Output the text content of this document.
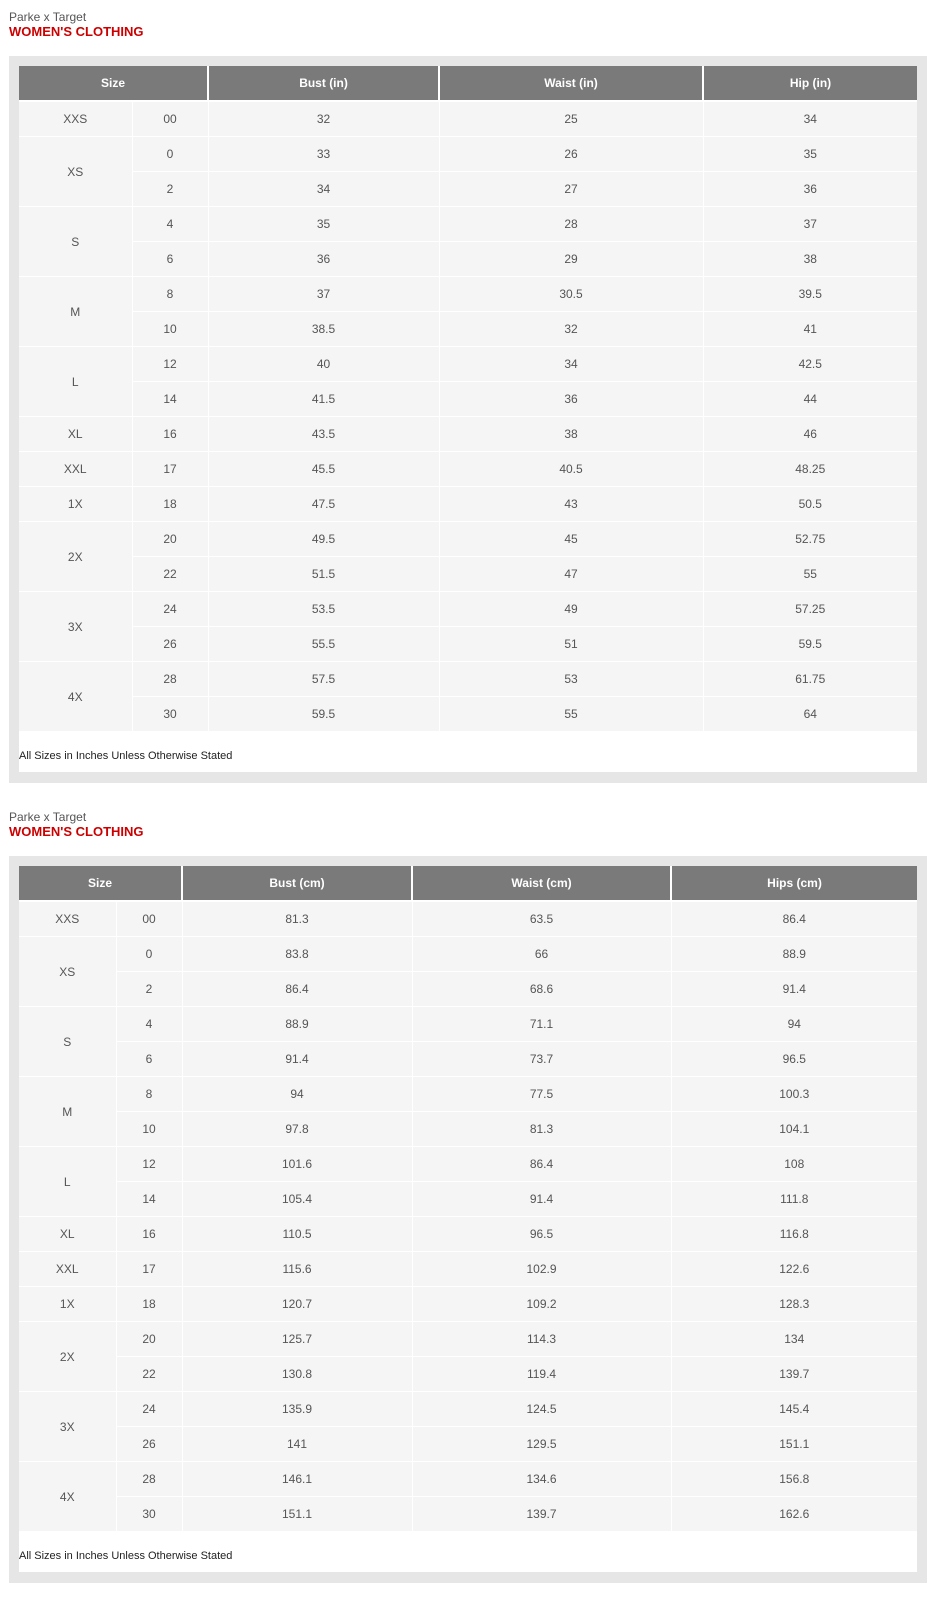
Parke x Target
WOMEN'S CLOTHING
Size		Bust (in)	Waist (in)	Hip (in)
XXS	00	32	25	34
XS	0	33	26	35
	2	34	27	36
S	4	35	28	37
	6	36	29	38
M	8	37	30.5	39.5
	10	38.5	32	41
L	12	40	34	42.5
	14	41.5	36	44
XL	16	43.5	38	46
XXL	17	45.5	40.5	48.25
1X	18	47.5	43	50.5
2X	20	49.5	45	52.75
	22	51.5	47	55
3X	24	53.5	49	57.25
	26	55.5	51	59.5
4X	28	57.5	53	61.75
	30	59.5	55	64
All Sizes in Inches Unless Otherwise Stated
Parke x Target
WOMEN'S CLOTHING
Size		Bust (cm)	Waist (cm)	Hips (cm)
XXS	00	81.3	63.5	86.4
XS	0	83.8	66	88.9
	2	86.4	68.6	91.4
S	4	88.9	71.1	94
	6	91.4	73.7	96.5
M	8	94	77.5	100.3
	10	97.8	81.3	104.1
L	12	101.6	86.4	108
	14	105.4	91.4	111.8
XL	16	110.5	96.5	116.8
XXL	17	115.6	102.9	122.6
1X	18	120.7	109.2	128.3
2X	20	125.7	114.3	134
	22	130.8	119.4	139.7
3X	24	135.9	124.5	145.4
	26	141	129.5	151.1
4X	28	146.1	134.6	156.8
	30	151.1	139.7	162.6
All Sizes in Inches Unless Otherwise Stated
